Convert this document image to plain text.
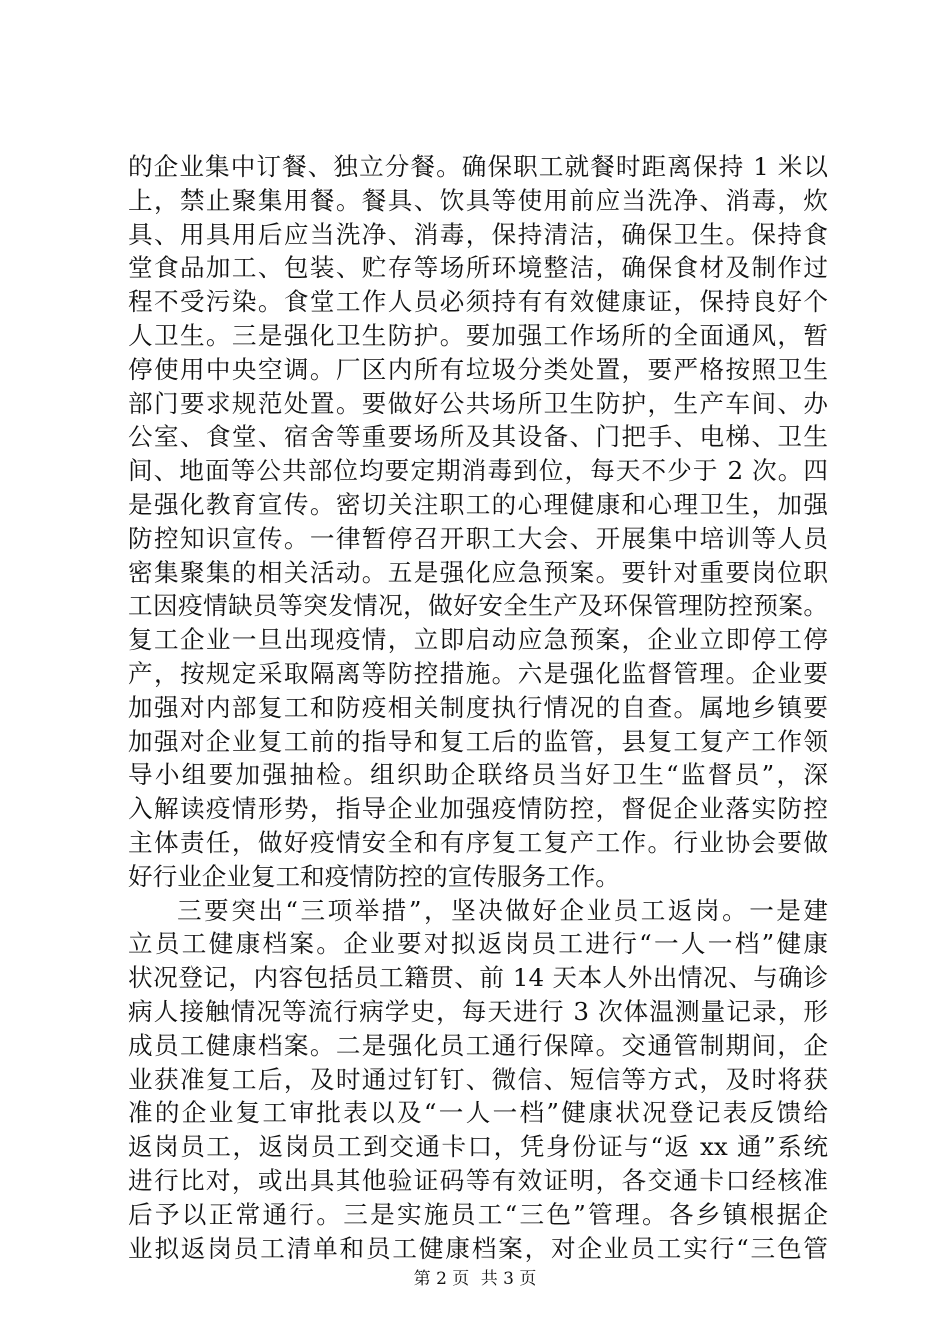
的企业集中订餐、独立分餐。确保职工就餐时距离保持 1 米以
上，禁止聚集用餐。餐具、饮具等使用前应当洗净、消毒，炊
具、用具用后应当洗净、消毒，保持清洁，确保卫生。保持食
堂食品加工、包装、贮存等场所环境整洁，确保食材及制作过
程不受污染。食堂工作人员必须持有有效健康证，保持良好个
人卫生。三是强化卫生防护。要加强工作场所的全面通风，暂
停使用中央空调。厂区内所有垃圾分类处置，要严格按照卫生
部门要求规范处置。要做好公共场所卫生防护，生产车间、办
公室、食堂、宿舍等重要场所及其设备、门把手、电梯、卫生
间、地面等公共部位均要定期消毒到位，每天不少于 2 次。四
是强化教育宣传。密切关注职工的心理健康和心理卫生，加强
防控知识宣传。一律暂停召开职工大会、开展集中培训等人员
密集聚集的相关活动。五是强化应急预案。要针对重要岗位职
工因疫情缺员等突发情况，做好安全生产及环保管理防控预案。
复工企业一旦出现疫情，立即启动应急预案，企业立即停工停
产，按规定采取隔离等防控措施。六是强化监督管理。企业要
加强对内部复工和防疫相关制度执行情况的自查。属地乡镇要
加强对企业复工前的指导和复工后的监管，县复工复产工作领
导小组要加强抽检。组织助企联络员当好卫生“监督员”，深
入解读疫情形势，指导企业加强疫情防控，督促企业落实防控
主体责任，做好疫情安全和有序复工复产工作。行业协会要做
好行业企业复工和疫情防控的宣传服务工作。
三要突出“三项举措”，坚决做好企业员工返岗。一是建
立员工健康档案。企业要对拟返岗员工进行“一人一档”健康
状况登记，内容包括员工籍贯、前 14 天本人外出情况、与确诊
病人接触情况等流行病学史，每天进行 3 次体温测量记录，形
成员工健康档案。二是强化员工通行保障。交通管制期间，企
业获准复工后，及时通过钉钉、微信、短信等方式，及时将获
准的企业复工审批表以及“一人一档”健康状况登记表反馈给
返岗员工，返岗员工到交通卡口，凭身份证与“返 xx 通”系统
进行比对，或出具其他验证码等有效证明，各交通卡口经核准
后予以正常通行。三是实施员工“三色”管理。各乡镇根据企
业拟返岗员工清单和员工健康档案，对企业员工实行“三色管
第 2 页 共 3 页
